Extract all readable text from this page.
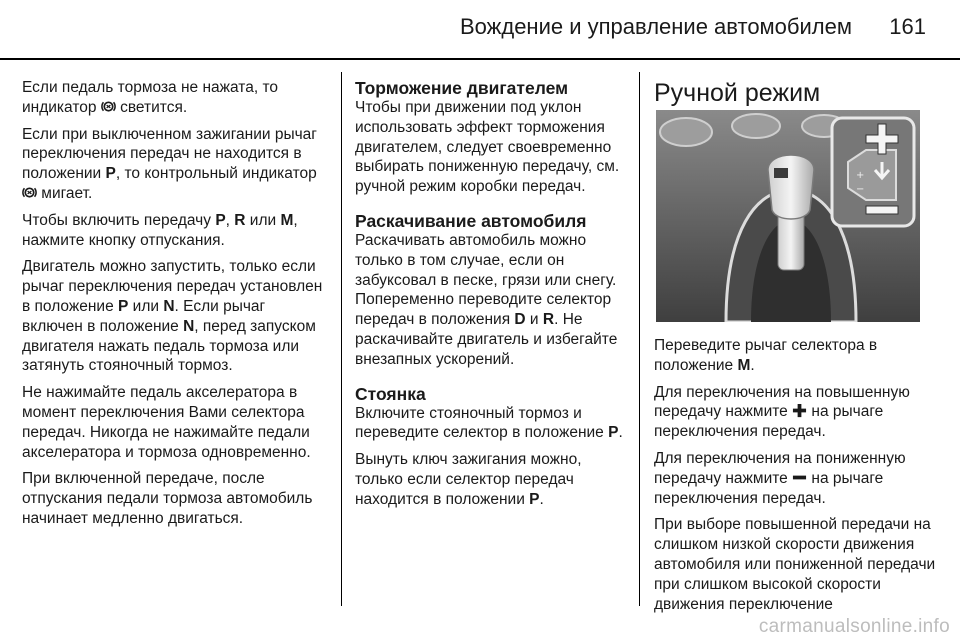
Вождение и управление автомобилем 161

Если педаль тормоза не нажата, то индикатор  светится.

Если при выключенном зажигании рычаг переключения передач не находится в положении P, то контрольный индикатор  мигает.

Чтобы включить передачу P, R или M, нажмите кнопку отпускания.

Двигатель можно запустить, только если рычаг переключения передач установлен в положение P или N. Если рычаг включен в положение N, перед запуском двигателя нажать педаль тормоза или затянуть стояночный тормоз.

Не нажимайте педаль акселератора в момент переключения Вами селектора передач. Никогда не нажимайте педали акселератора и тормоза одновременно.

При включенной передаче, после отпускания педали тормоза автомобиль начинает медленно двигаться.

Торможение двигателем

Чтобы при движении под уклон использовать эффект торможения двигателем, следует своевременно выбирать пониженную передачу, см. ручной режим коробки передач.

Раскачивание автомобиля

Раскачивать автомобиль можно только в том случае, если он забуксовал в песке, грязи или снегу. Попеременно переводите селектор передач в положения D и R. Не раскачивайте двигатель и избегайте внезапных ускорений.

Стоянка

Включите стояночный тормоз и переведите селектор в положение P.

Вынуть ключ зажигания можно, только если селектор передач находится в положении P.

Ручной режим
+
−

Переведите рычаг селектора в положение M.

Для переключения на повышенную передачу нажмите  на рычаге переключения передач.

Для переключения на пониженную передачу нажмите  на рычаге переключения передач.

При выборе повышенной передачи на слишком низкой скорости движения автомобиля или пониженной передачи при слишком высокой скорости движения переключение

carmanualsonline.info
